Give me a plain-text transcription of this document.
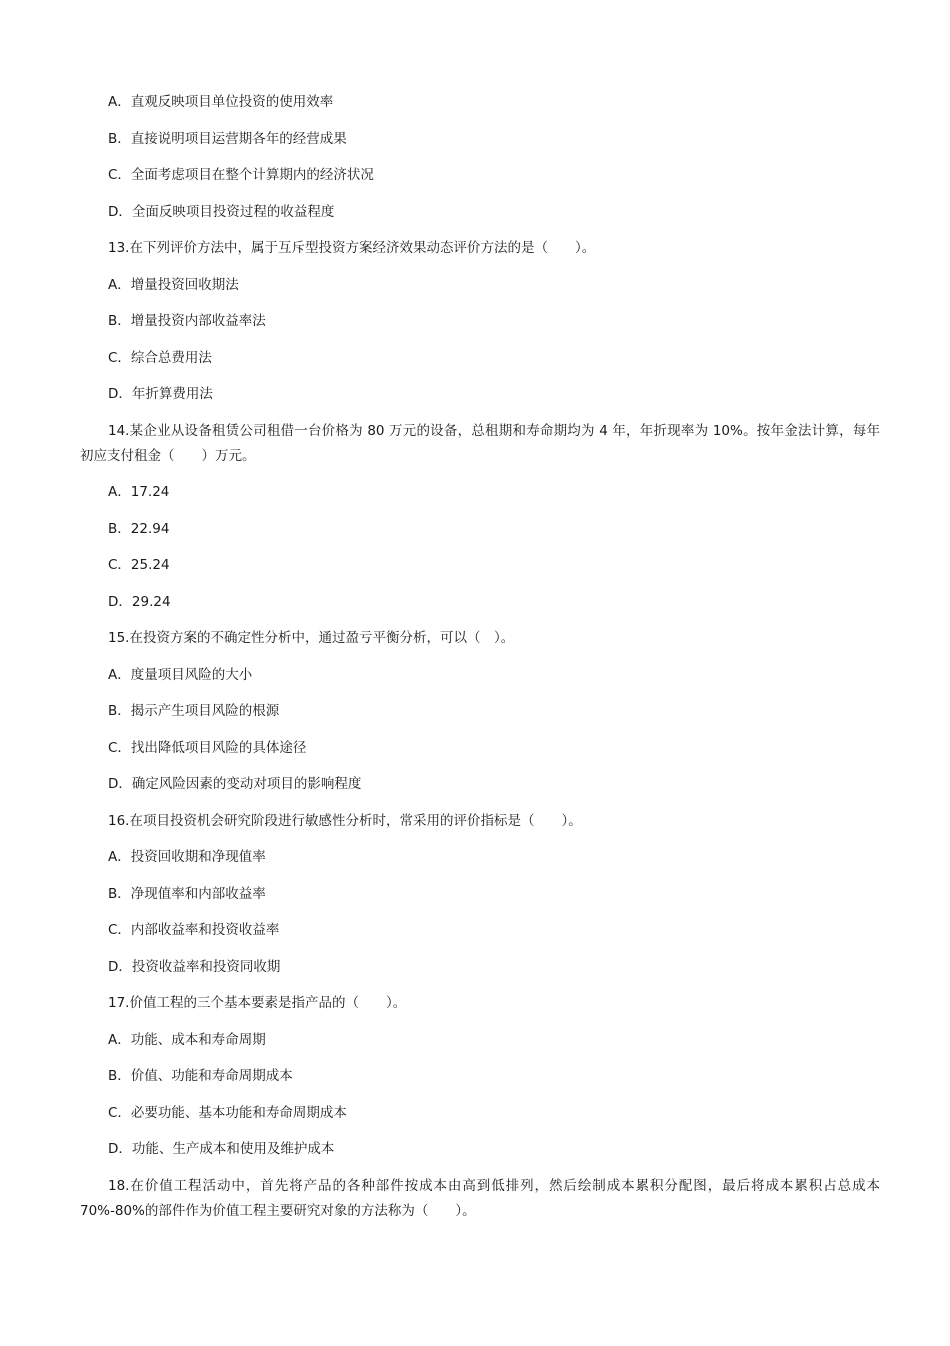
A．直观反映项目单位投资的使用效率

B．直接说明项目运营期各年的经营成果

C．全面考虑项目在整个计算期内的经济状况

D．全面反映项目投资过程的收益程度

13.在下列评价方法中，属于互斥型投资方案经济效果动态评价方法的是（　　）。

A．增量投资回收期法

B．增量投资内部收益率法

C．综合总费用法

D．年折算费用法

14.某企业从设备租赁公司租借一台价格为 80 万元的设备，总租期和寿命期均为 4 年，年折现率为 10%。按年金法计算，每年初应支付租金（　　）万元。

A．17.24

B．22.94

C．25.24

D．29.24

15.在投资方案的不确定性分析中，通过盈亏平衡分析，可以（　）。

A．度量项目风险的大小

B．揭示产生项目风险的根源

C．找出降低项目风险的具体途径

D．确定风险因素的变动对项目的影响程度

16.在项目投资机会研究阶段进行敏感性分析时，常采用的评价指标是（　　）。

A．投资回收期和净现值率

B．净现值率和内部收益率

C．内部收益率和投资收益率

D．投资收益率和投资同收期

17.价值工程的三个基本要素是指产品的（　　）。

A．功能、成本和寿命周期

B．价值、功能和寿命周期成本

C．必要功能、基本功能和寿命周期成本

D．功能、生产成本和使用及维护成本

18.在价值工程活动中，首先将产品的各种部件按成本由高到低排列，然后绘制成本累积分配图，最后将成本累积占总成本 70%-80%的部件作为价值工程主要研究对象的方法称为（　　）。
